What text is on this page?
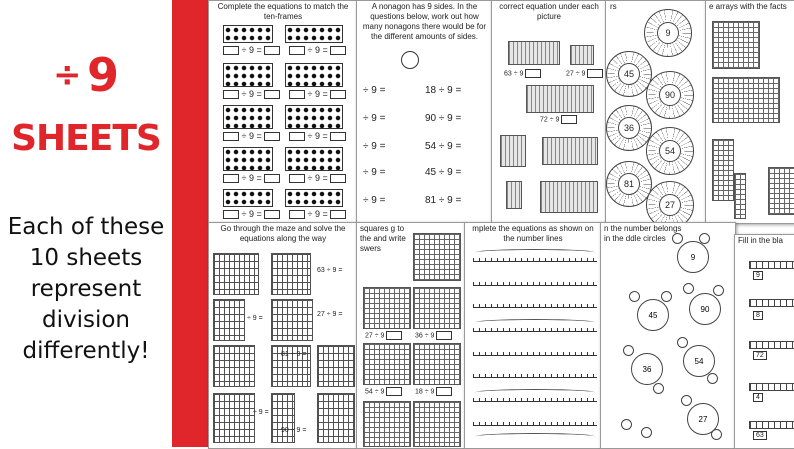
÷ 9
SHEETS
Each of these 10 sheets represent division differently!
Complete the equations to match the ten-frames
÷ 9 =	÷ 9 =
÷ 9 =	÷ 9 =
÷ 9 =	÷ 9 =
÷ 9 =	÷ 9 =
÷ 9 =	÷ 9 =
A nonagon has 9 sides. In the questions below, work out how many nonagons there would be for the different amounts of sides.
÷ 9 =	18 ÷ 9 =
÷ 9 =	90 ÷ 9 =
÷ 9 =	54 ÷ 9 =
÷ 9 =	45 ÷ 9 =
÷ 9 =	81 ÷ 9 =
correct equation under each picture
63 ÷ 9	27 ÷ 9
72 ÷ 9
rs
9
45
90
36
54
81
27
e arrays with the facts
Go through the maze and solve the equations along the way
63 ÷ 9 =
÷ 9 =
27 ÷ 9 =
81 ÷ 9 =
÷ 9 =
90 ÷ 9 =
squares g to the and write swers
27 ÷ 9	36 ÷ 9
54 ÷ 9	18 ÷ 9
mplete the equations as shown on the number lines
n the number belongs in the ddle circles
9
45
90
36
54
27
Fill in the bla
9
8
72
4
63
